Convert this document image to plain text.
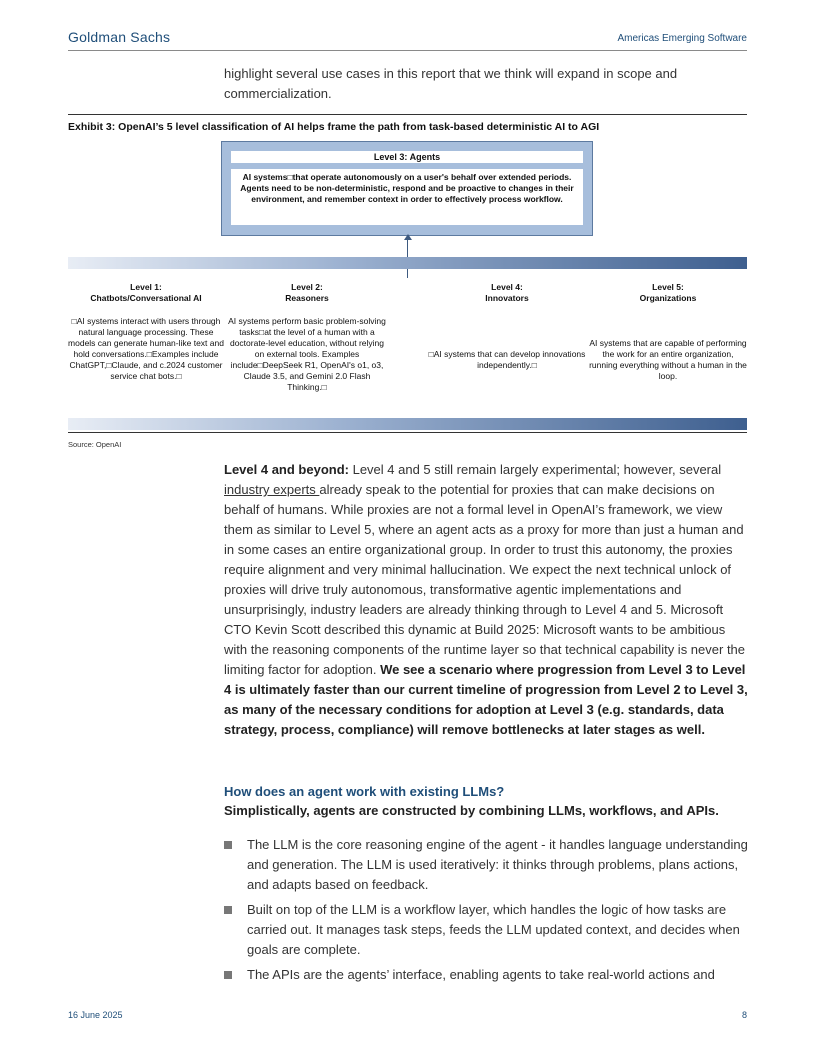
Goldman Sachs	Americas Emerging Software
highlight several use cases in this report that we think will expand in scope and commercialization.
Exhibit 3: OpenAI’s 5 level classification of AI helps frame the path from task-based deterministic AI to AGI
Level 3: Agents
AI systems□that operate autonomously on a user's behalf over extended periods. Agents need to be non-deterministic, respond and be proactive to changes in their environment, and remember context in order to effectively process workflow.
Level 1:
Chatbots/Conversational AI
□AI systems interact with users through natural language processing. These models can generate human-like text and hold conversations.□Examples include ChatGPT,□Claude, and c.2024 customer service chat bots.□
Level 2:
Reasoners
AI systems perform basic problem-solving tasks□at the level of a human with a doctorate-level education, without relying on external tools. Examples include□DeepSeek R1, OpenAI's o1, o3, Claude 3.5, and Gemini 2.0 Flash Thinking.□
Level 4:
Innovators
□AI systems that can develop innovations independently.□
Level 5:
Organizations
AI systems that are capable of performing the work for an entire organization, running everything without a human in the loop.
Source: OpenAI
Level 4 and beyond: Level 4 and 5 still remain largely experimental; however, several industry experts already speak to the potential for proxies that can make decisions on behalf of humans. While proxies are not a formal level in OpenAI’s framework, we view them as similar to Level 5, where an agent acts as a proxy for more than just a human and in some cases an entire organizational group. In order to trust this autonomy, the proxies require alignment and very minimal hallucination. We expect the next technical unlock of proxies will drive truly autonomous, transformative agentic implementations and unsurprisingly, industry leaders are already thinking through to Level 4 and 5. Microsoft CTO Kevin Scott described this dynamic at Build 2025: Microsoft wants to be ambitious with the reasoning components of the runtime layer so that technical capability is never the limiting factor for adoption. We see a scenario where progression from Level 3 to Level 4 is ultimately faster than our current timeline of progression from Level 2 to Level 3, as many of the necessary conditions for adoption at Level 3 (e.g. standards, data strategy, process, compliance) will remove bottlenecks at later stages as well.
How does an agent work with existing LLMs?
Simplistically, agents are constructed by combining LLMs, workflows, and APIs.
The LLM is the core reasoning engine of the agent - it handles language understanding and generation. The LLM is used iteratively: it thinks through problems, plans actions, and adapts based on feedback.
Built on top of the LLM is a workflow layer, which handles the logic of how tasks are carried out. It manages task steps, feeds the LLM updated context, and decides when goals are complete.
The APIs are the agents’ interface, enabling agents to take real-world actions and
16 June 2025	8
